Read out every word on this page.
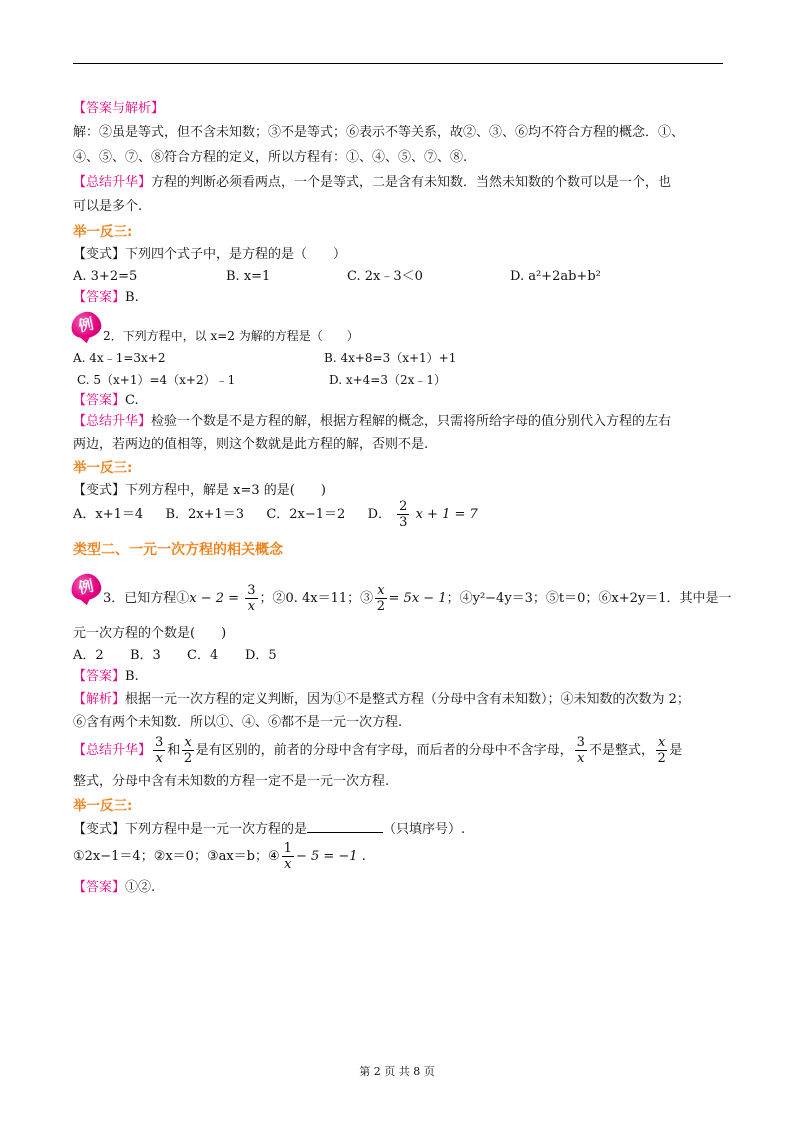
【答案与解析】
解：②虽是等式，但不含未知数；③不是等式；⑥表示不等关系，故②、③、⑥均不符合方程的概念．①、
④、⑤、⑦、⑧符合方程的定义，所以方程有：①、④、⑤、⑦、⑧.
【总结升华】方程的判断必须看两点，一个是等式，二是含有未知数．当然未知数的个数可以是一个，也
可以是多个.
举一反三:
【变式】下列四个式子中，是方程的是（　　）
A. 3+2=5	B. x=1	C. 2x﹣3＜0	D. a²+2ab+b²
【答案】B.
例
2．下列方程中，以 x=2 为解的方程是（　　）
A. 4x﹣1=3x+2	B. 4x+8=3（x+1）+1
C. 5（x+1）=4（x+2）﹣1	D. x+4=3（2x﹣1）
【答案】C.
【总结升华】检验一个数是不是方程的解，根据方程解的概念，只需将所给字母的值分别代入方程的左右
两边，若两边的值相等，则这个数就是此方程的解，否则不是.
举一反三:
【变式】下列方程中，解是 x=3 的是(　　)
A．x+1＝4 B．2x+1＝3 C．2x−1＝2 D． $\frac{2}{3}$ x + 1 = 7
类型二、一元一次方程的相关概念
例
3．已知方程①x − $2 = \frac{3}{x}$ ；②0. 4x＝11；③ $\frac{x}{2} = 5x - 1$；④y²−4y＝3；⑤t＝0；⑥x+2y＝1．其中是一
元一次方程的个数是(　　)
A．2 B．3 C．4 D．5
【答案】B.
【解析】根据一元一次方程的定义判断，因为①不是整式方程（分母中含有未知数）；④未知数的次数为 2；
⑥含有两个未知数．所以①、④、⑥都不是一元一次方程.
【总结升华】 $\frac{3}{x}$ 和 $\frac{x}{2}$ 是有区别的，前者的分母中含有字母，而后者的分母中不含字母， $\frac{3}{x}$ 不是整式， $\frac{x}{2}$ 是
整式，分母中含有未知数的方程一定不是一元一次方程.
举一反三:
【变式】下列方程中是一元一次方程的是	（只填序号）.
①2x−1＝4；②x＝0；③ax＝b；④ $\frac{1}{x} - 5 = -1$ .
【答案】①②.
第 2 页 共 8 页
